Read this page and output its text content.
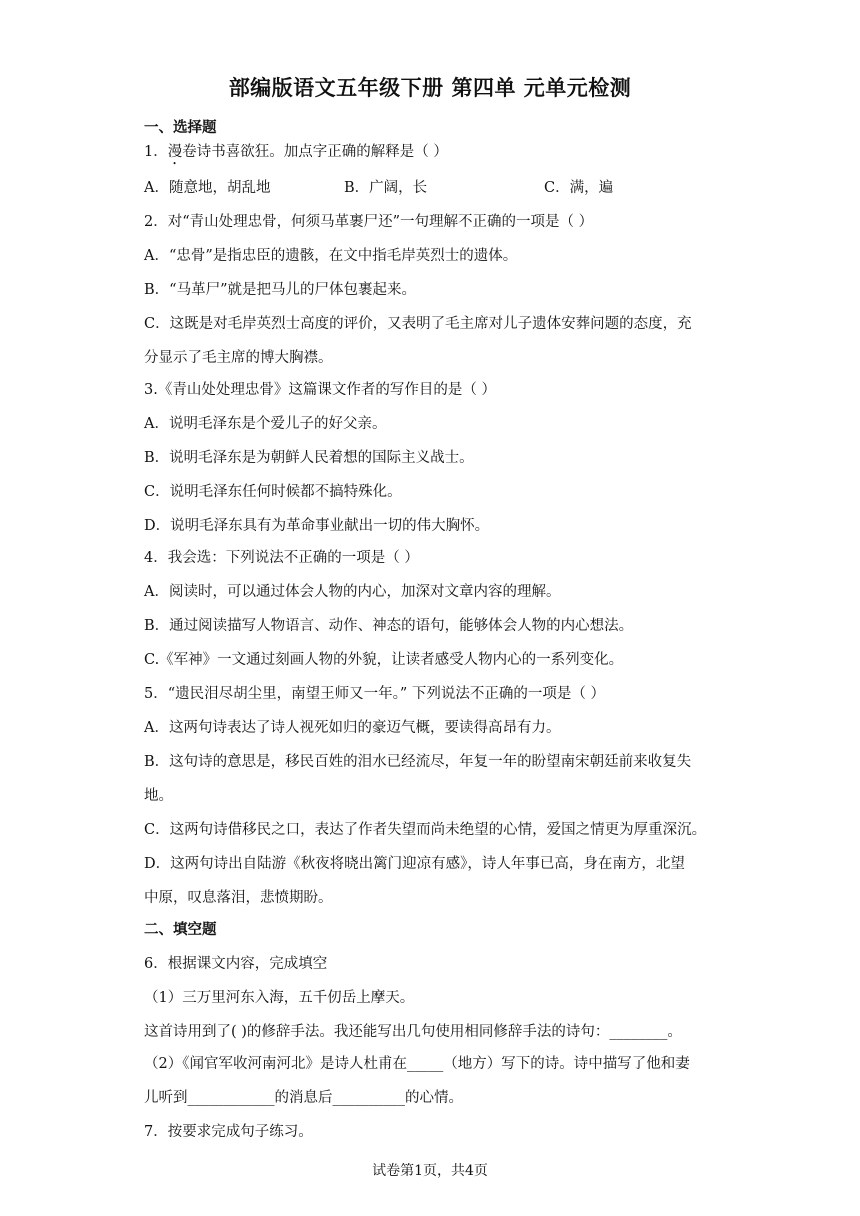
部编版语文五年级下册 第四单 元单元检测
一、选择题
1．漫卷诗书喜欲狂。加点字正确的解释是（ ）
A．随意地，胡乱地	B．广阔，长	C．满，遍
2．对“青山处理忠骨，何须马革裹尸还”一句理解不正确的一项是（ ）
A．“忠骨”是指忠臣的遗骸，在文中指毛岸英烈士的遗体。
B．“马革尸”就是把马儿的尸体包裹起来。
C．这既是对毛岸英烈士高度的评价，又表明了毛主席对儿子遗体安葬问题的态度，充
分显示了毛主席的博大胸襟。
3.《青山处处理忠骨》这篇课文作者的写作目的是（ ）
A．说明毛泽东是个爱儿子的好父亲。
B．说明毛泽东是为朝鲜人民着想的国际主义战士。
C．说明毛泽东任何时候都不搞特殊化。
D．说明毛泽东具有为革命事业献出一切的伟大胸怀。
4．我会选：下列说法不正确的一项是（ ）
A．阅读时，可以通过体会人物的内心，加深对文章内容的理解。
B．通过阅读描写人物语言、动作、神态的语句，能够体会人物的内心想法。
C.《军神》一文通过刻画人物的外貌，让读者感受人物内心的一系列变化。
5．“遗民泪尽胡尘里，南望王师又一年。” 下列说法不正确的一项是（ ）
A．这两句诗表达了诗人视死如归的豪迈气概，要读得高昂有力。
B．这句诗的意思是，移民百姓的泪水已经流尽，年复一年的盼望南宋朝廷前来收复失
地。
C．这两句诗借移民之口，表达了作者失望而尚未绝望的心情，爱国之情更为厚重深沉。
D．这两句诗出自陆游《秋夜将晓出篱门迎凉有感》，诗人年事已高，身在南方，北望
中原，叹息落泪，悲愤期盼。
二、填空题
6．根据课文内容，完成填空
（1）三万里河东入海，五千仞岳上摩天。
这首诗用到了( )的修辞手法。我还能写出几句使用相同修辞手法的诗句：________。
（2）《闻官军收河南河北》是诗人杜甫在_____（地方）写下的诗。诗中描写了他和妻
儿听到____________的消息后__________的心情。
7．按要求完成句子练习。
试卷第1页，共4页
